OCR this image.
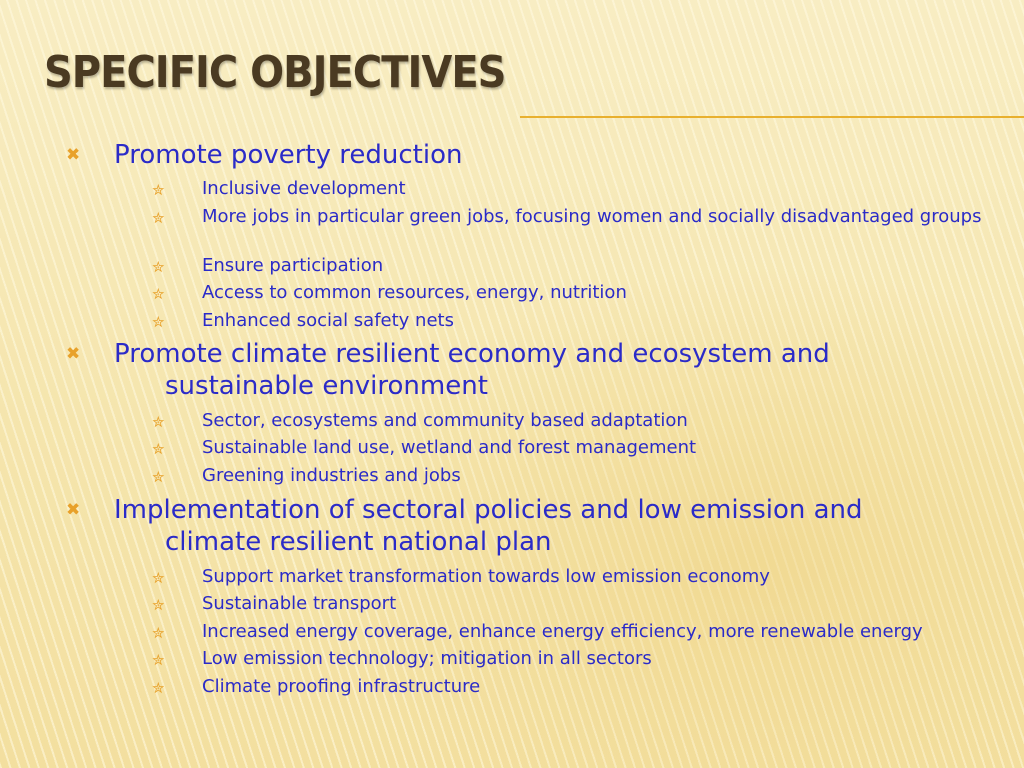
SPECIFIC OBJECTIVES
✖ Promote poverty reduction
✮ Inclusive development
✮ More jobs in particular green jobs, focusing women and socially disadvantaged groups
✮ Ensure participation
✮ Access to common resources, energy, nutrition
✮ Enhanced social safety nets
✖ Promote climate resilient economy and ecosystem and
sustainable environment
✮ Sector, ecosystems and community based adaptation
✮ Sustainable land use, wetland and forest management
✮ Greening industries and jobs
✖ Implementation of sectoral policies and low emission and
climate resilient national plan
✮ Support market transformation towards low emission economy
✮ Sustainable transport
✮ Increased energy coverage, enhance energy efficiency, more renewable energy
✮ Low emission technology; mitigation in all sectors
✮ Climate proofing infrastructure
